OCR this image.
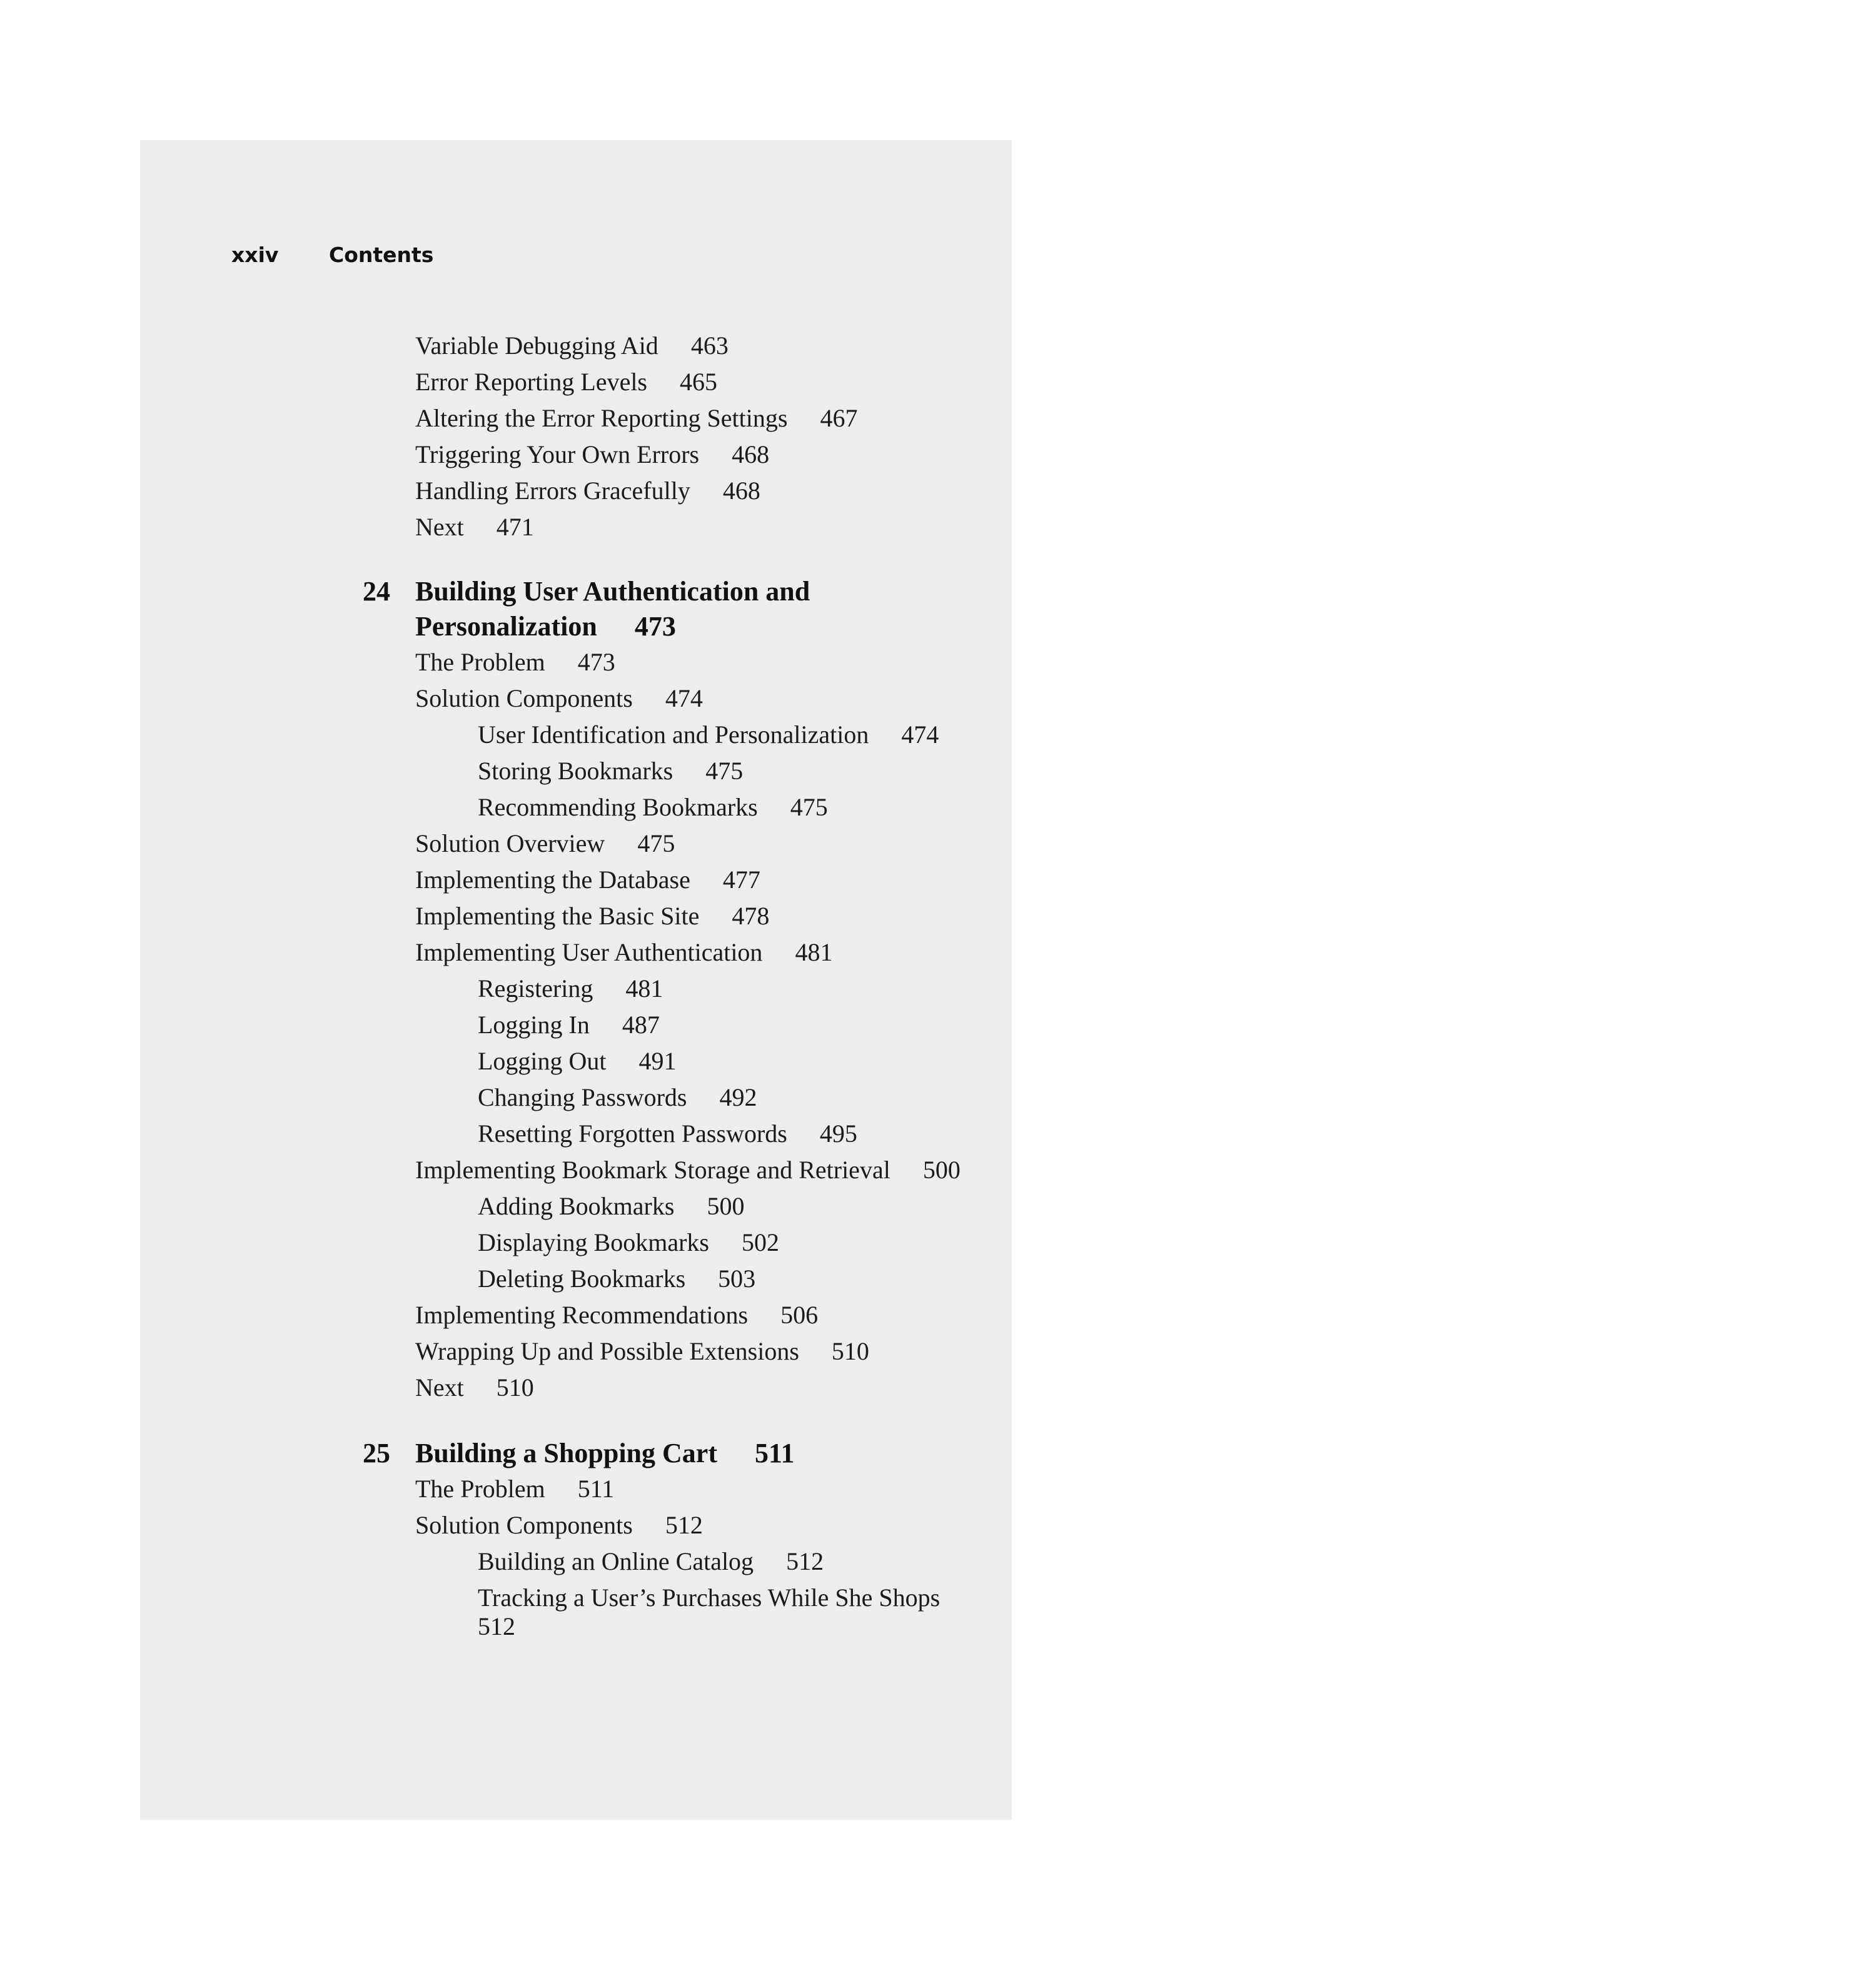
xxiv Contents
Variable Debugging Aid 463
Error Reporting Levels 465
Altering the Error Reporting Settings 467
Triggering Your Own Errors 468
Handling Errors Gracefully 468
Next 471
24 Building User Authentication and
Personalization 473
The Problem 473
Solution Components 474
User Identification and Personalization 474
Storing Bookmarks 475
Recommending Bookmarks 475
Solution Overview 475
Implementing the Database 477
Implementing the Basic Site 478
Implementing User Authentication 481
Registering 481
Logging In 487
Logging Out 491
Changing Passwords 492
Resetting Forgotten Passwords 495
Implementing Bookmark Storage and Retrieval 500
Adding Bookmarks 500
Displaying Bookmarks 502
Deleting Bookmarks 503
Implementing Recommendations 506
Wrapping Up and Possible Extensions 510
Next 510
25 Building a Shopping Cart 511
The Problem 511
Solution Components 512
Building an Online Catalog 512
Tracking a User’s Purchases While She Shops
512
